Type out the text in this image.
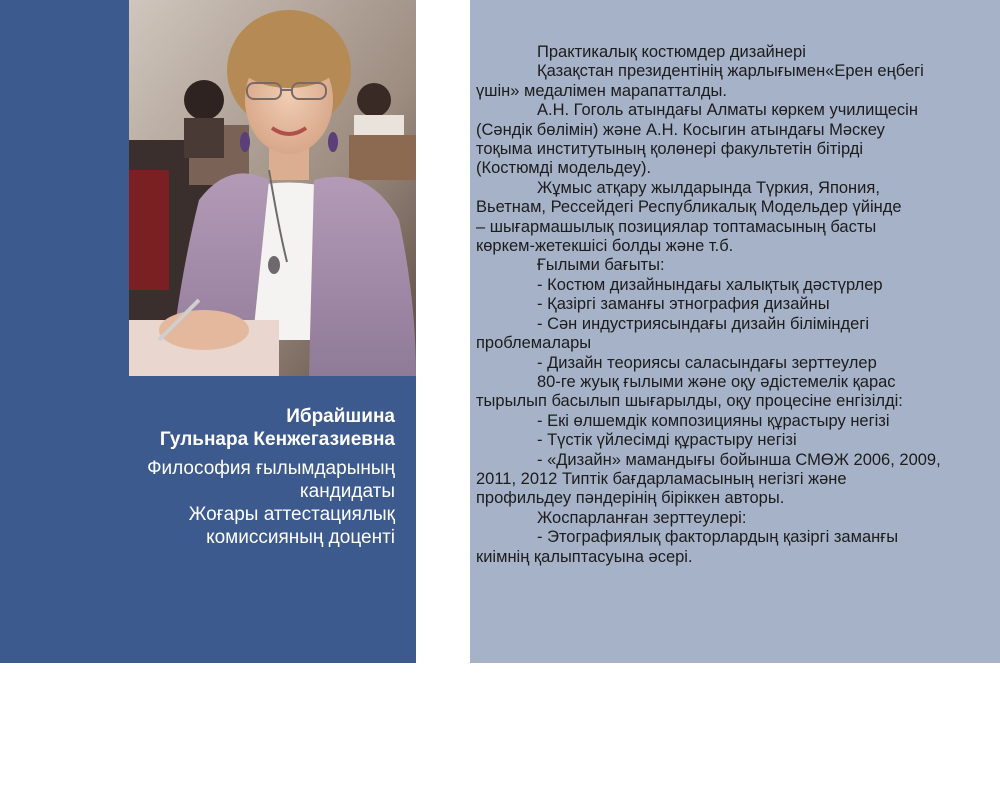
Ибрайшина
Гульнара Кенжегазиевна
Философия ғылымдарының
кандидаты
Жоғары аттестациялық
комиссияның доценті
Практикалық костюмдер дизайнері
Қазақстан президентінің жарлығымен«Ерен еңбегі
үшін» медалімен марапатталды.
А.Н. Гоголь атындағы Алматы көркем училищесін
(Сәндік бөлімін) және А.Н. Косыгин атындағы Мәскеу
тоқыма институтының қолөнері факультетін бітірді
(Костюмді модельдеу).
Жұмыс атқару жылдарында Түркия, Япония,
Вьетнам, Рессейдегі Республикалық Модельдер үйінде
– шығармашылық позициялар топтамасының басты
көркем-жетекшісі болды және т.б.
Ғылыми бағыты:
- Костюм дизайнындағы халықтық дәстүрлер
- Қазіргі заманғы этнография дизайны
- Сән индустриясындағы дизайн біліміндегі
проблемалары
- Дизайн теориясы саласындағы зерттеулер
80-ге жуық ғылыми және оқу әдістемелік қарас
тырылып басылып шығарылды, оқу процесіне енгізілді:
- Екі өлшемдік композицияны құрастыру негізі
- Түстік үйлесімді құрастыру негізі
- «Дизайн» мамандығы бойынша СМӨЖ 2006, 2009,
2011, 2012 Типтік бағдарламасының негізгі және
профильдеу пәндерінің біріккен авторы.
Жоспарланған зерттеулері:
- Этографиялық факторлардың қазіргі заманғы
киімнің қалыптасуына әсері.
